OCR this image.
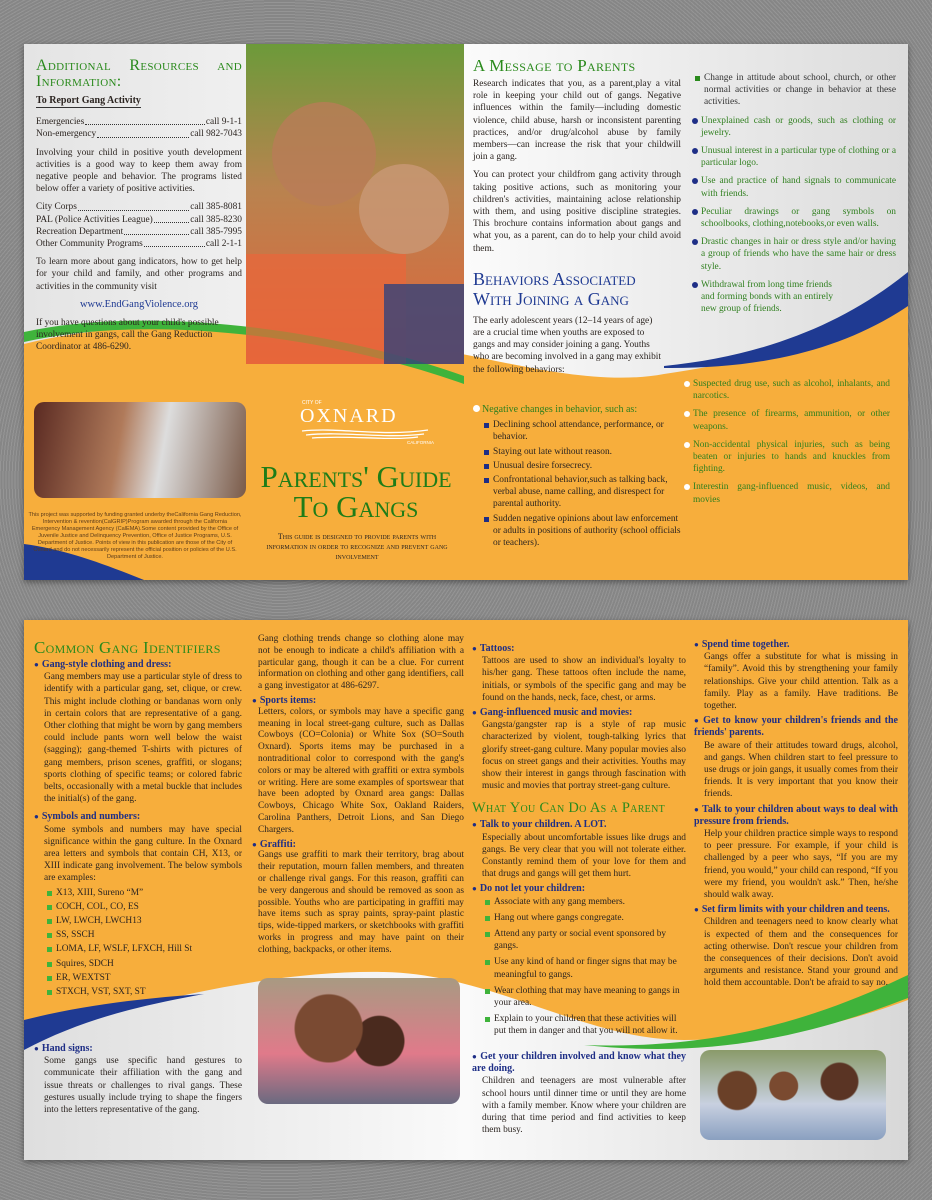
Additional Resources and Information:
To Report Gang Activity
Emergencies	call 9-1-1
Non-emergency	call 982-7043

Involving your child in positive youth development activities is a good way to keep them away from negative people and behavior. The programs listed below offer a variety of positive activities.

City Corps	call 385-8081
PAL (Police Activities League)	call 385-8230
Recreation Department	call 385-7995
Other Community Programs	call 2-1-1

To learn more about gang indicators, how to get help for your child and family, and other programs and activities in the community visit

www.EndGangViolence.org

If you have questions about your child's possible involvement in gangs, call the Gang Reduction Coordinator at 486-6290.

This project was supported by funding granted underby theCalifornia Gang Reduction, Intervention & revention(CalGRIP)Program awarded through the California Emergency Management Agency (CalEMA).Some content provided by the Office of Juvenile Justice and Delinquency Prevention, Office of Justice Programs, U.S. Department of Justice. Points of view in this publication are those of the City of Oxnard and do not necessarily represent the official position or policies of the U.S. Department of Justice.
CITY OF
OXNARD
CALIFORNIA
Parents' Guide
To Gangs
This guide is designed to provide parents with information in order to recognize and prevent gang involvement
A Message to Parents

Research indicates that you, as a parent,play a vital role in keeping your child out of gangs. Negative influences within the family—including domestic violence, child abuse, harsh or inconsistent parenting practices, and/or drug/alcohol abuse by family members—can increase the risk that your childwill join a gang.

You can protect your childfrom gang activity through taking positive actions, such as monitoring your children's activities, maintaining aclose relationship with them, and using positive discipline strategies. This brochure contains information about gangs and what you, as a parent, can do to help your child avoid them.

Behaviors Associated
With Joining a Gang

The early adolescent years (12–14 years of age) are a crucial time when youths are exposed to gangs and may consider joining a gang. Youths who are becoming involved in a gang may exhibit the following behaviors:

Negative changes in behavior, such as:
Declining school attendance, performance, or behavior.
Staying out late without reason.
Unusual desire forsecrecy.
Confrontational behavior,such as talking back, verbal abuse, name calling, and disrespect for parental authority.
Sudden negative opinions about law enforcement or adults in positions of authority (school officials or teachers).
Change in attitude about school, church, or other normal activities or change in behavior at these activities.
Unexplained cash or goods, such as clothing or jewelry.
Unusual interest in a particular type of clothing or a particular logo.
Use and practice of hand signals to communicate with friends.
Peculiar drawings or gang symbols on schoolbooks, clothing,notebooks,or even walls.
Drastic changes in hair or dress style and/or having a group of friends who have the same hair or dress style.
Withdrawal from long time friends and forming bonds with an entirely new group of friends.
Suspected drug use, such as alcohol, inhalants, and narcotics.
The presence of firearms, ammunition, or other weapons.
Non-accidental physical injuries, such as being beaten or injuries to hands and knuckles from fighting.
Interestin gang-influenced music, videos, and movies
Common Gang Identifiers
● Gang-style clothing and dress:

Gang members may use a particular style of dress to identify with a particular gang, set, clique, or crew. This might include clothing or bandanas worn only in certain colors that are representative of a gang. Other clothing that might be worn by gang members could include pants worn well below the waist (sagging); gang-themed T-shirts with pictures of gang members, prison scenes, graffiti, or slogans; sports clothing of specific teams; or colored fabric belts, occasionally with a metal buckle that includes the initial(s) of the gang.

● Symbols and numbers:

Some symbols and numbers may have special significance within the gang culture. In the Oxnard area letters and symbols that contain CH, X13, or XIII indicate gang involvement. The below symbols are examples:

X13, XIII, Sureno “M”
COCH, COL, CO, ES
LW, LWCH, LWCH13
SS, SSCH
LOMA, LF, WSLF, LFXCH, Hill St
Squires, SDCH
ER, WEXTST
STXCH, VST, SXT, ST
● Hand signs:

Some gangs use specific hand gestures to communicate their affiliation with the gang and issue threats or challenges to rival gangs. These gestures usually include trying to shape the fingers into the letters representative of the gang.

Gang clothing trends change so clothing alone may not be enough to indicate a child's affiliation with a particular gang, though it can be a clue. For current information on clothing and other gang identifiers, call a gang investigator at 486-6297.

● Sports items:

Letters, colors, or symbols may have a specific gang meaning in local street-gang culture, such as Dallas Cowboys (CO=Colonia) or White Sox (SO=South Oxnard). Sports items may be purchased in a nontraditional color to correspond with the gang's colors or may be altered with graffiti or extra symbols or writing. Here are some examples of sportswear that have been adopted by Oxnard area gangs: Dallas Cowboys, Chicago White Sox, Oakland Raiders, Carolina Panthers, Detroit Lions, and San Diego Chargers.

● Graffiti:

Gangs use graffiti to mark their territory, brag about their reputation, mourn fallen members, and threaten or challenge rival gangs. For this reason, graffiti can be very dangerous and should be removed as soon as possible. Youths who are participating in graffiti may have items such as spray paints, spray-paint plastic tips, wide-tipped markers, or sketchbooks with graffiti works in progress and may have paint on their clothing, backpacks, or other items.

● Tattoos:

Tattoos are used to show an individual's loyalty to his/her gang. These tattoos often include the name, initials, or symbols of the specific gang and may be found on the hands, neck, face, chest, or arms.

● Gang-influenced music and movies:

Gangsta/gangster rap is a style of rap music characterized by violent, tough-talking lyrics that glorify street-gang culture. Many popular movies also focus on street gangs and their activities. Youths may show their interest in gangs through fascination with music and movies that portray street-gang culture.

What You Can Do As a Parent
● Talk to your children. A LOT.

Especially about uncomfortable issues like drugs and gangs. Be very clear that you will not tolerate either. Constantly remind them of your love for them and that drugs and gangs will get them hurt.

● Do not let your children:
Associate with any gang members.
Hang out where gangs congregate.
Attend any party or social event sponsored by gangs.
Use any kind of hand or finger signs that may be meaningful to gangs.
Wear clothing that may have meaning to gangs in your area.
Explain to your children that these activities will put them in danger and that you will not allow it.
● Get your children involved and know what they are doing.

Children and teenagers are most vulnerable after school hours until dinner time or until they are home with a family member. Know where your children are during that time period and find activities to keep them busy.

● Spend time together.

Gangs offer a substitute for what is missing in “family”. Avoid this by strengthening your family relationships. Give your child attention. Talk as a family. Play as a family. Have traditions. Be together.

● Get to know your children's friends and the friends' parents.

Be aware of their attitudes toward drugs, alcohol, and gangs. When children start to feel pressure to use drugs or join gangs, it usually comes from their friends. It is very important that you know their friends.

● Talk to your children about ways to deal with pressure from friends.

Help your children practice simple ways to respond to peer pressure. For example, if your child is challenged by a peer who says, “If you are my friend, you would,” your child can respond, “If you were my friend, you wouldn't ask.” Then, he/she should walk away.

● Set firm limits with your children and teens.

Children and teenagers need to know clearly what is expected of them and the consequences for acting otherwise. Don't rescue your children from the consequences of their decisions. Don't avoid arguments and resistance. Stand your ground and hold them accountable. Don't be afraid to say no.
